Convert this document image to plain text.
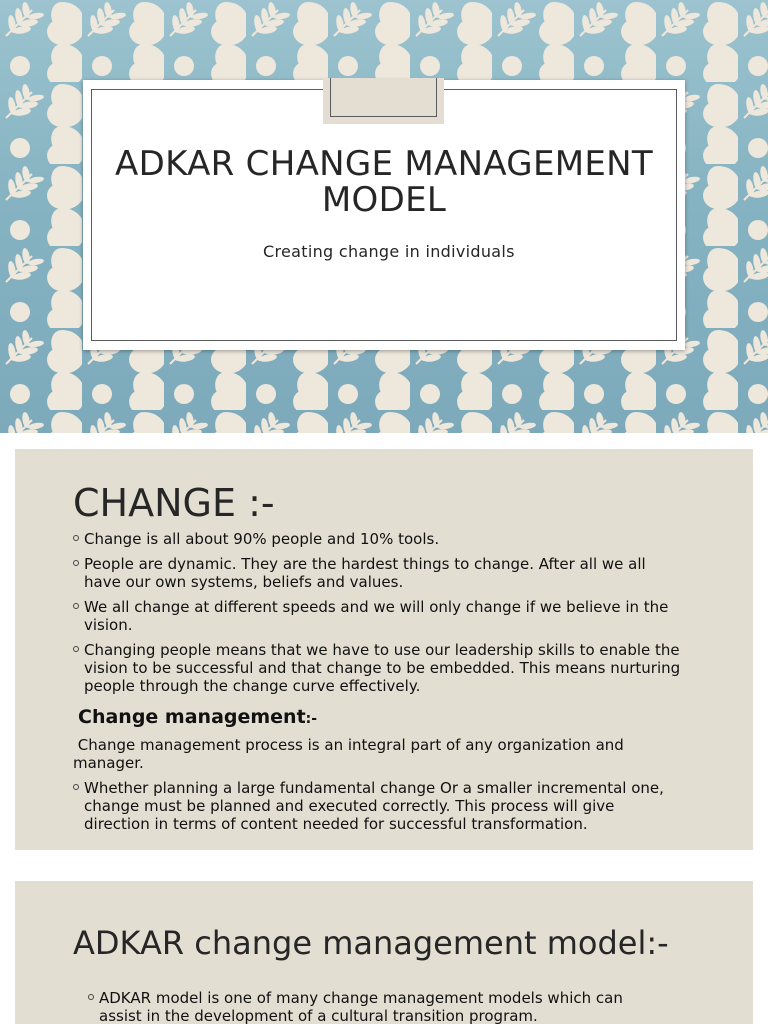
ADKAR CHANGE MANAGEMENT
MODEL
Creating change in individuals
CHANGE :-
Change is all about 90% people and 10% tools.
People are dynamic. They are the hardest things to change. After all we all
have our own systems, beliefs and values.
We all change at different speeds and we will only change if we believe in the
vision.
Changing people means that we have to use our leadership skills to enable the
vision to be successful and that change to be embedded. This means nurturing
people through the change curve effectively.
Change management:-
Change management process is an integral part of any organization and
manager.
Whether planning a large fundamental change Or a smaller incremental one,
change must be planned and executed correctly. This process will give
direction in terms of content needed for successful transformation.
ADKAR change management model:-
ADKAR model is one of many change management models which can
assist in the development of a cultural transition program.
